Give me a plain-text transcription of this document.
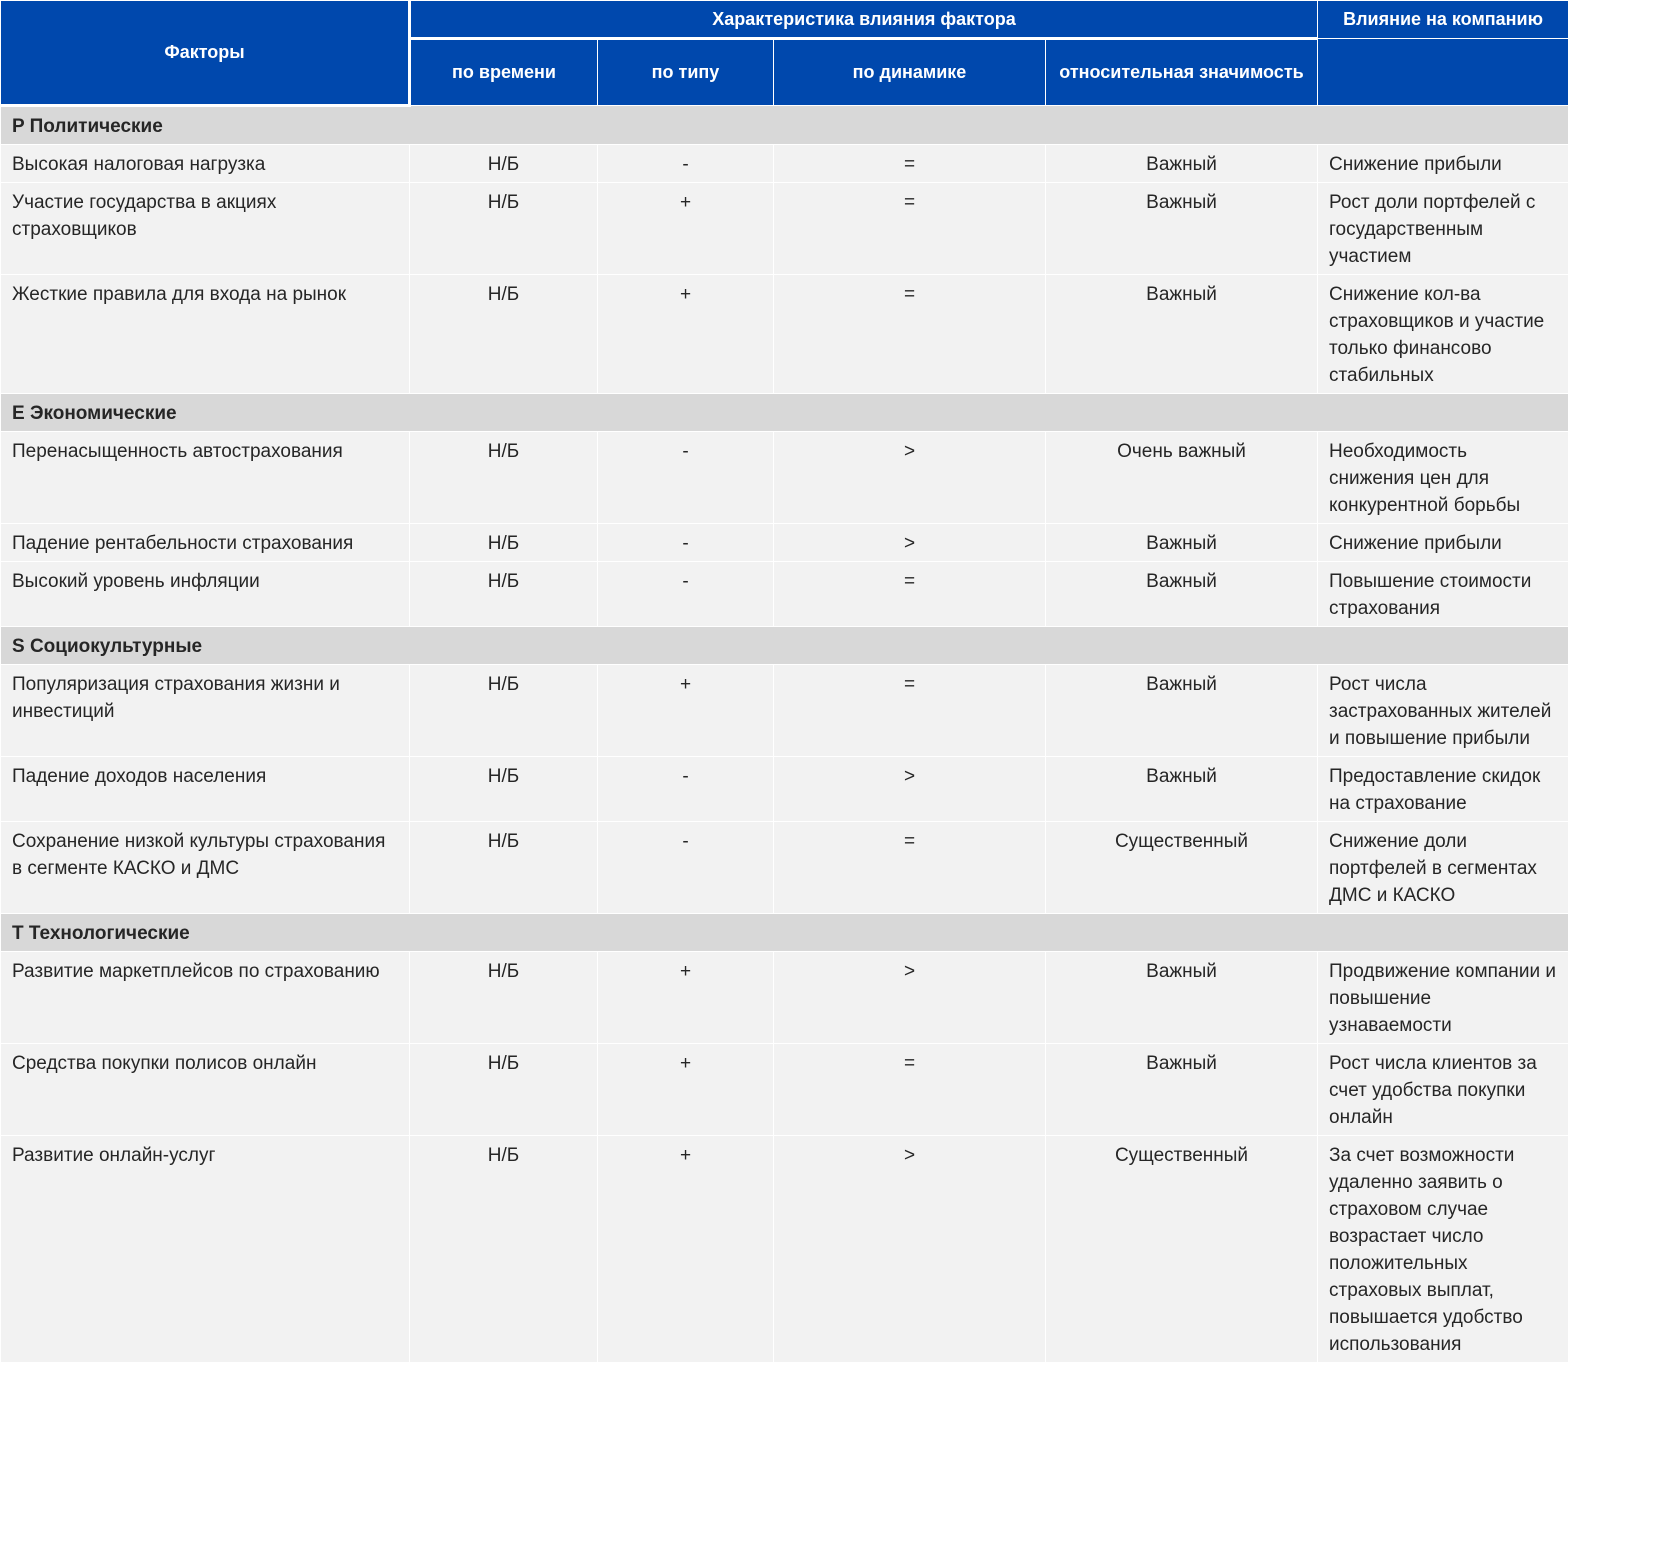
Факторы	Характеристика влияния фактора				Влияние на компанию
	по времени	по типу	по динамике	относительная значимость	
P Политические					
Высокая налоговая нагрузка	Н/Б	-	=	Важный	Снижение прибыли
Участие государства в акциях страховщиков	Н/Б	+	=	Важный	Рост доли портфелей с государственным участием
Жесткие правила для входа на рынок	Н/Б	+	=	Важный	Снижение кол-ва страховщиков и участие только финансово стабильных
E Экономические					
Перенасыщенность автострахования	Н/Б	-	>	Очень важный	Необходимость снижения цен для конкурентной борьбы
Падение рентабельности страхования	Н/Б	-	>	Важный	Снижение прибыли
Высокий уровень инфляции	Н/Б	-	=	Важный	Повышение стоимости страхования
S Социокультурные					
Популяризация страхования жизни и инвестиций	Н/Б	+	=	Важный	Рост числа застрахованных жителей и повышение прибыли
Падение доходов населения	Н/Б	-	>	Важный	Предоставление скидок на страхование
Сохранение низкой культуры страхования в сегменте КАСКО и ДМС	Н/Б	-	=	Существенный	Снижение доли портфелей в сегментах ДМС и КАСКО
T Технологические					
Развитие маркетплейсов по страхованию	Н/Б	+	>	Важный	Продвижение компании и повышение узнаваемости
Средства покупки полисов онлайн	Н/Б	+	=	Важный	Рост числа клиентов за счет удобства покупки онлайн
Развитие онлайн-услуг	Н/Б	+	>	Существенный	За счет возможности удаленно заявить о страховом случае возрастает число положительных страховых выплат, повышается удобство использования
